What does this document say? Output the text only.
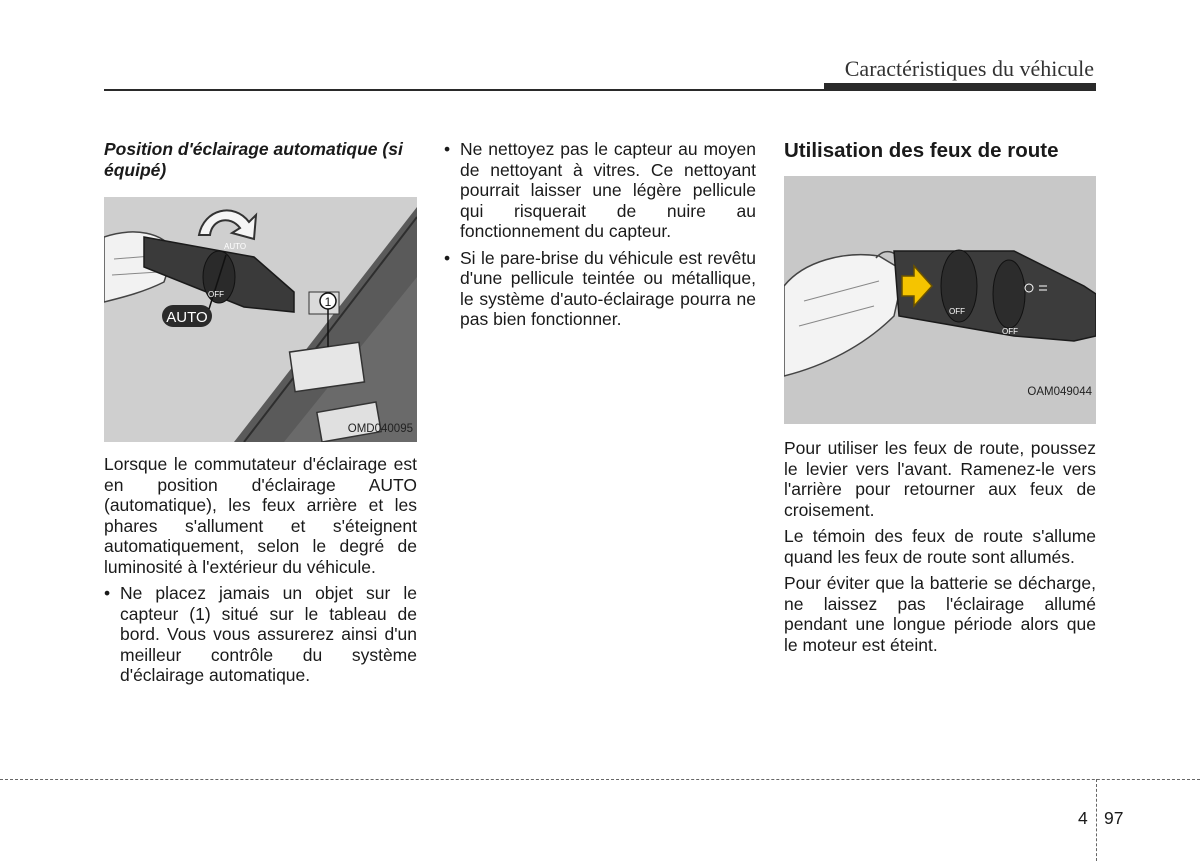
Caractéristiques du véhicule
Position d'éclairage automatique (si équipé)
AUTO
AUTO
OFF
1
OMD040095

Lorsque le commutateur d'éclairage est en position d'éclairage AUTO (automatique), les feux arrière et les phares s'allument et s'éteignent automatiquement, selon le degré de luminosité à l'extérieur du véhicule.

• Ne placez jamais un objet sur le capteur (1) situé sur le tableau de bord. Vous vous assurerez ainsi d'un meilleur contrôle du système d'éclairage automatique.
• Ne nettoyez pas le capteur au moyen de nettoyant à vitres. Ce nettoyant pourrait laisser une légère pellicule qui risquerait de nuire au fonctionnement du capteur.
• Si le pare-brise du véhicule est revêtu d'une pellicule teintée ou métallique, le système d'auto-éclairage pourra ne pas bien fonctionner.
Utilisation des feux de route
OFF
OFF
OAM049044

Pour utiliser les feux de route, poussez le levier vers l'avant. Ramenez-le vers l'arrière pour retourner aux feux de croisement.

Le témoin des feux de route s'allume quand les feux de route sont allumés.

Pour éviter que la batterie se décharge, ne laissez pas l'éclairage allumé pendant une longue période alors que le moteur est éteint.

4 97
